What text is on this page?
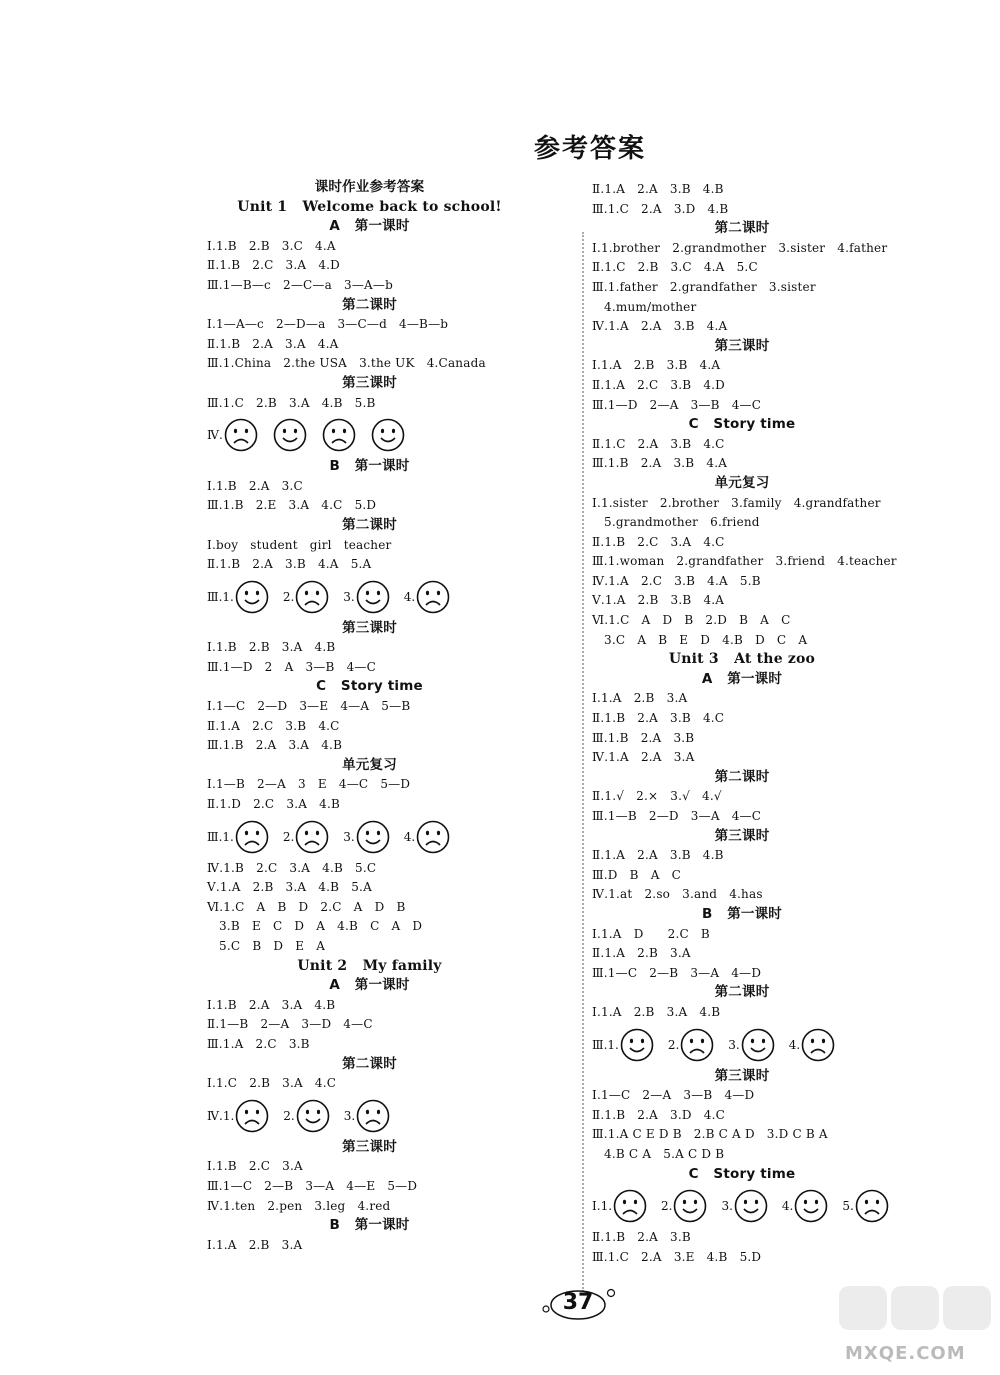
参考答案
课时作业参考答案
Unit 1   Welcome back to school!
A   第一课时
Ⅰ.1.B   2.B   3.C   4.A
Ⅱ.1.B   2.C   3.A   4.D
Ⅲ.1—B—c   2—C—a   3—A—b
第二课时
Ⅰ.1—A—c   2—D—a   3—C—d   4—B—b
Ⅱ.1.B   2.A   3.A   4.A
Ⅲ.1.China   2.the USA   3.the UK   4.Canada
第三课时
Ⅲ.1.C   2.B   3.A   4.B   5.B
Ⅳ.
B   第一课时
Ⅰ.1.B   2.A   3.C
Ⅲ.1.B   2.E   3.A   4.C   5.D
第二课时
Ⅰ.boy   student   girl   teacher
Ⅱ.1.B   2.A   3.B   4.A   5.A
Ⅲ. 1.	2.	3.	4.
第三课时
Ⅰ.1.B   2.B   3.A   4.B
Ⅲ.1—D   2   A   3—B   4—C
C   Story time
Ⅰ.1—C   2—D   3—E   4—A   5—B
Ⅱ.1.A   2.C   3.B   4.C
Ⅲ.1.B   2.A   3.A   4.B
单元复习
Ⅰ.1—B   2—A   3   E   4—C   5—D
Ⅱ.1.D   2.C   3.A   4.B
Ⅲ. 1.	2.	3.	4.
Ⅳ.1.B   2.C   3.A   4.B   5.C
Ⅴ.1.A   2.B   3.A   4.B   5.A
Ⅵ.1.C   A   B   D   2.C   A   D   B
3.B   E   C   D   A   4.B   C   A   D
5.C   B   D   E   A
Unit 2   My family
A   第一课时
Ⅰ.1.B   2.A   3.A   4.B
Ⅱ.1—B   2—A   3—D   4—C
Ⅲ.1.A   2.C   3.B
第二课时
Ⅰ.1.C   2.B   3.A   4.C
Ⅳ. 1.	2.	3.
第三课时
Ⅰ.1.B   2.C   3.A
Ⅲ.1—C   2—B   3—A   4—E   5—D
Ⅳ.1.ten   2.pen   3.leg   4.red
B   第一课时
Ⅰ.1.A   2.B   3.A
Ⅱ.1.A   2.A   3.B   4.B
Ⅲ.1.C   2.A   3.D   4.B
第二课时
Ⅰ.1.brother   2.grandmother   3.sister   4.father
Ⅱ.1.C   2.B   3.C   4.A   5.C
Ⅲ.1.father   2.grandfather   3.sister
4.mum/mother
Ⅳ.1.A   2.A   3.B   4.A
第三课时
Ⅰ.1.A   2.B   3.B   4.A
Ⅱ.1.A   2.C   3.B   4.D
Ⅲ.1—D   2—A   3—B   4—C
C   Story time
Ⅱ.1.C   2.A   3.B   4.C
Ⅲ.1.B   2.A   3.B   4.A
单元复习
Ⅰ.1.sister   2.brother   3.family   4.grandfather
5.grandmother   6.friend
Ⅱ.1.B   2.C   3.A   4.C
Ⅲ.1.woman   2.grandfather   3.friend   4.teacher
Ⅳ.1.A   2.C   3.B   4.A   5.B
Ⅴ.1.A   2.B   3.B   4.A
Ⅵ.1.C   A   D   B   2.D   B   A   C
3.C   A   B   E   D   4.B   D   C   A
Unit 3   At the zoo
A   第一课时
Ⅰ.1.A   2.B   3.A
Ⅱ.1.B   2.A   3.B   4.C
Ⅲ.1.B   2.A   3.B
Ⅳ.1.A   2.A   3.A
第二课时
Ⅱ.1.√   2.×   3.√   4.√
Ⅲ.1—B   2—D   3—A   4—C
第三课时
Ⅱ.1.A   2.A   3.B   4.B
Ⅲ.D   B   A   C
Ⅳ.1.at   2.so   3.and   4.has
B   第一课时
Ⅰ.1.A   D      2.C   B
Ⅱ.1.A   2.B   3.A
Ⅲ.1—C   2—B   3—A   4—D
第二课时
Ⅰ.1.A   2.B   3.A   4.B
Ⅲ. 1.	2.	3.	4.
第三课时
Ⅰ.1—C   2—A   3—B   4—D
Ⅱ.1.B   2.A   3.D   4.C
Ⅲ.1.A C E D B   2.B C A D   3.D C B A
4.B C A   5.A C D B
C   Story time
Ⅰ. 1.	2.	3.	4.	5.
Ⅱ.1.B   2.A   3.B
Ⅲ.1.C   2.A   3.E   4.B   5.D
37
MXQE.COM
